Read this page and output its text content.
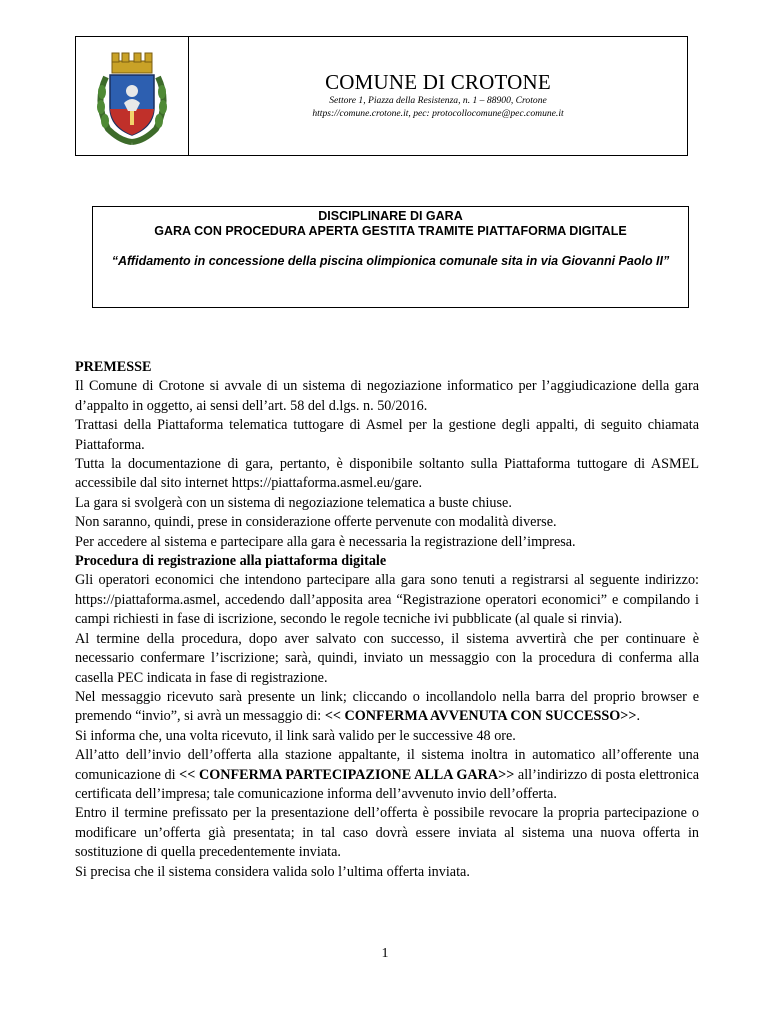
COMUNE DI CROTONE
Settore 1, Piazza della Resistenza, n. 1 – 88900, Crotone
https://comune.crotone.it, pec: protocollocomune@pec.comune.it
DISCIPLINARE DI GARA
GARA CON PROCEDURA APERTA GESTITA TRAMITE PIATTAFORMA DIGITALE
“Affidamento in concessione della piscina olimpionica comunale sita in via Giovanni Paolo II”

PREMESSE

Il Comune di Crotone si avvale di un sistema di negoziazione informatico per l’aggiudicazione della gara d’appalto in oggetto, ai sensi dell’art. 58 del d.lgs. n. 50/2016.

Trattasi della Piattaforma telematica tuttogare di Asmel per la gestione degli appalti, di seguito chiamata Piattaforma.

Tutta la documentazione di gara, pertanto, è disponibile soltanto sulla Piattaforma tuttogare di ASMEL accessibile dal sito internet https://piattaforma.asmel.eu/gare.

La gara si svolgerà con un sistema di negoziazione telematica a buste chiuse.

Non saranno, quindi, prese in considerazione offerte pervenute con modalità diverse.

Per accedere al sistema e partecipare alla gara è necessaria la registrazione dell’impresa.

Procedura di registrazione alla piattaforma digitale

Gli operatori economici che intendono partecipare alla gara sono tenuti a registrarsi al seguente indirizzo: https://piattaforma.asmel, accedendo dall’apposita area “Registrazione operatori economici” e compilando i campi richiesti in fase di iscrizione, secondo le regole tecniche ivi pubblicate (al quale si rinvia).

Al termine della procedura, dopo aver salvato con successo, il sistema avvertirà che per continuare è necessario confermare l’iscrizione; sarà, quindi, inviato un messaggio con la procedura di conferma alla casella PEC indicata in fase di registrazione.

Nel messaggio ricevuto sarà presente un link; cliccando o incollandolo nella barra del proprio browser e premendo “invio”, si avrà un messaggio di: << CONFERMA AVVENUTA CON SUCCESSO>>.

Si informa che, una volta ricevuto, il link sarà valido per le successive 48 ore.

All’atto dell’invio dell’offerta alla stazione appaltante, il sistema inoltra in automatico all’offerente una comunicazione di << CONFERMA PARTECIPAZIONE ALLA GARA>> all’indirizzo di posta elettronica certificata dell’impresa; tale comunicazione informa dell’avvenuto invio dell’offerta.

Entro il termine prefissato per la presentazione dell’offerta è possibile revocare la propria partecipazione o modificare un’offerta già presentata; in tal caso dovrà essere inviata al sistema una nuova offerta in sostituzione di quella precedentemente inviata.

Si precisa che il sistema considera valida solo l’ultima offerta inviata.

1
